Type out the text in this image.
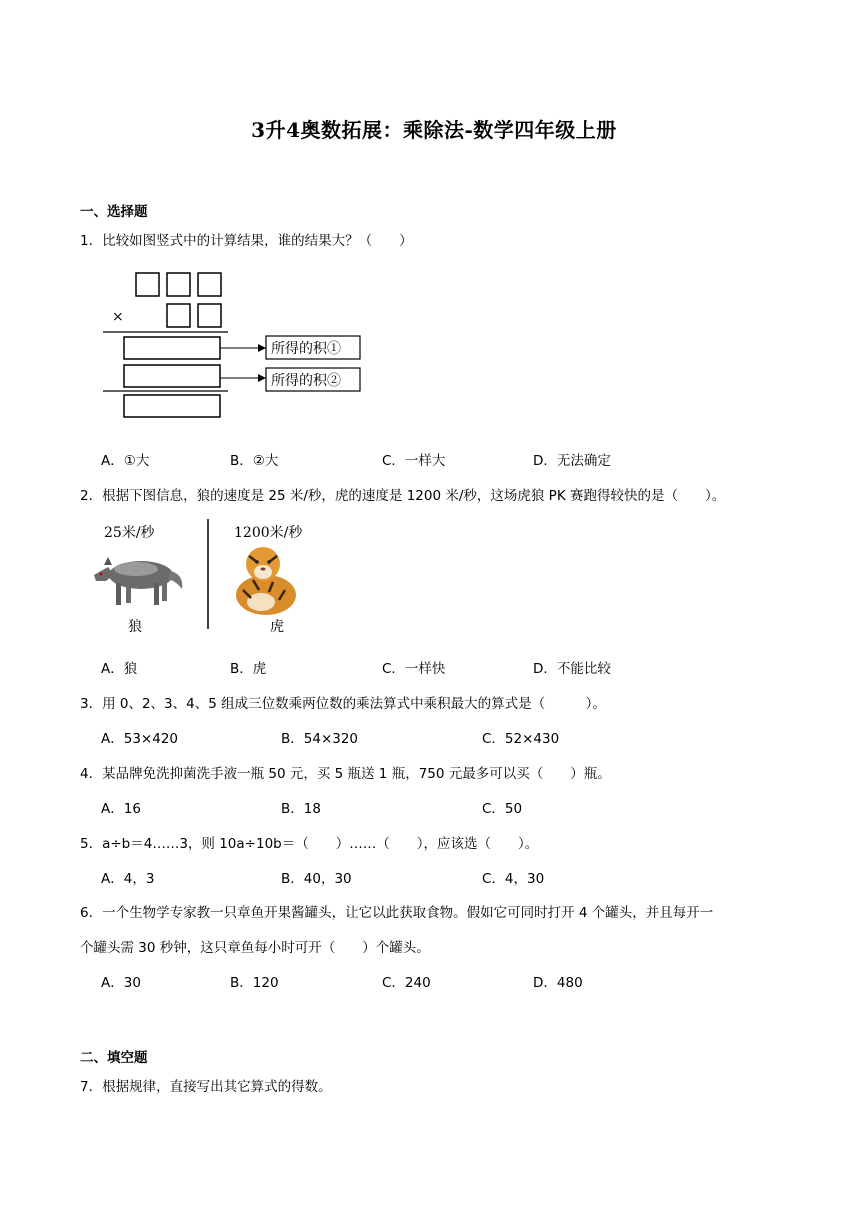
3升4奥数拓展：乘除法-数学四年级上册
一、选择题
1．比较如图竖式中的计算结果，谁的结果大？（　　）
×
所得的积①
所得的积②
A．①大	B．②大	C．一样大	D．无法确定
2．根据下图信息，狼的速度是 25 米/秒，虎的速度是 1200 米/秒，这场虎狼 PK 赛跑得较快的是（　　）。
25米/秒	1200米/秒
狼	虎
A．狼	B．虎	C．一样快	D．不能比较
3．用 0、2、3、4、5 组成三位数乘两位数的乘法算式中乘积最大的算式是（　　　）。
A．53×420	B．54×320	C．52×430
4．某品牌免洗抑菌洗手液一瓶 50 元，买 5 瓶送 1 瓶，750 元最多可以买（　　）瓶。
A．16	B．18	C．50
5．a÷b＝4……3，则 10a÷10b＝（　　）……（　　），应该选（　　）。
A．4，3	B．40，30	C．4，30
6．一个生物学专家教一只章鱼开果酱罐头，让它以此获取食物。假如它可同时打开 4 个罐头，并且每开一
个罐头需 30 秒钟，这只章鱼每小时可开（　　）个罐头。
A．30	B．120	C．240	D．480
二、填空题
7．根据规律，直接写出其它算式的得数。
